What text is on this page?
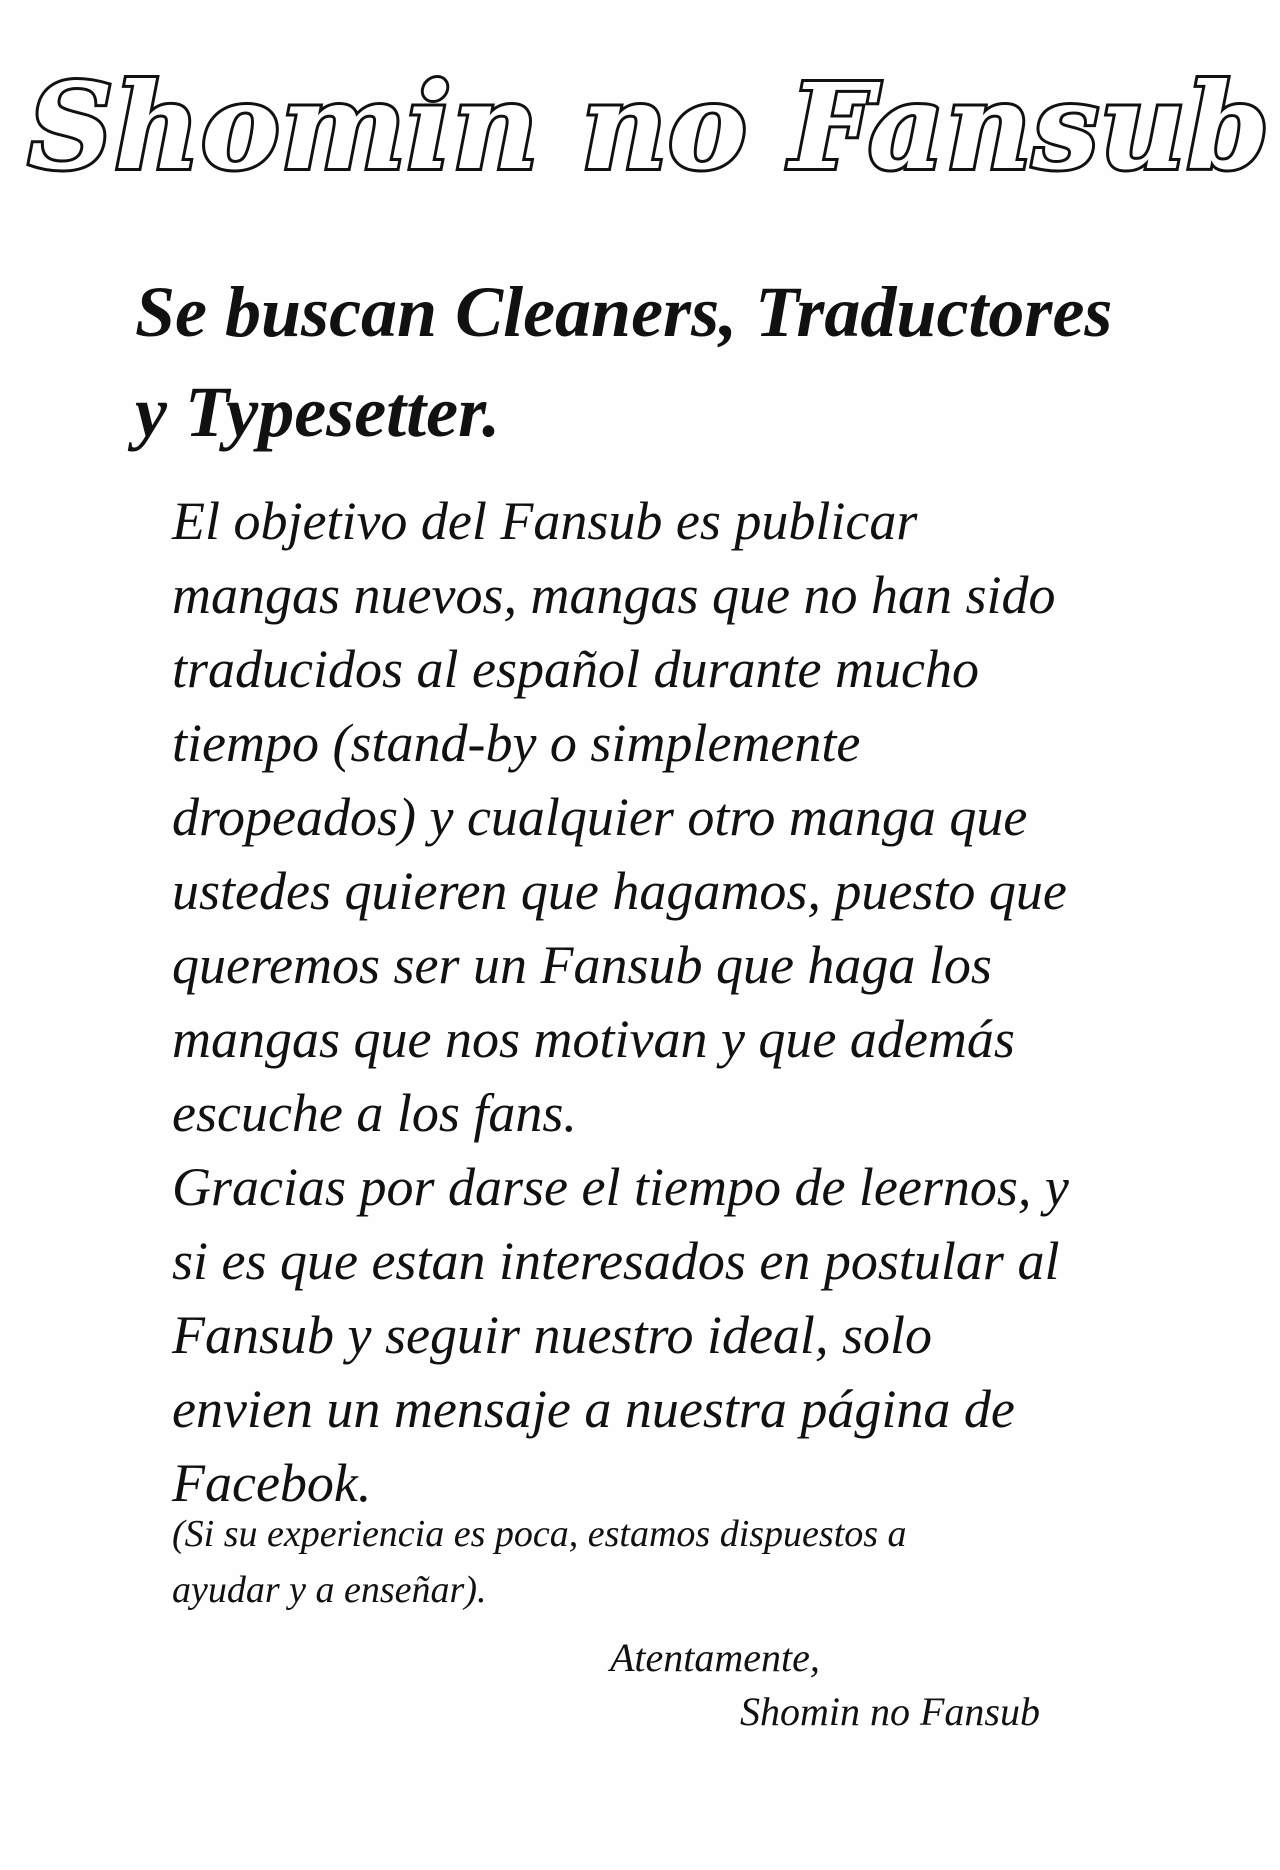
Shomin no Fansub
Se buscan Cleaners, Traductores
y Typesetter.
El objetivo del Fansub es publicar
mangas nuevos, mangas que no han sido
traducidos al español durante mucho
tiempo (stand-by o simplemente
dropeados) y cualquier otro manga que
ustedes quieren que hagamos, puesto que
queremos ser un Fansub que haga los
mangas que nos motivan y que además
escuche a los fans.
Gracias por darse el tiempo de leernos, y
si es que estan interesados en postular al
Fansub y seguir nuestro ideal, solo
envien un mensaje a nuestra página de
Facebok.
(Si su experiencia es poca, estamos dispuestos a
ayudar y a enseñar).
Atentamente,
Shomin no Fansub
